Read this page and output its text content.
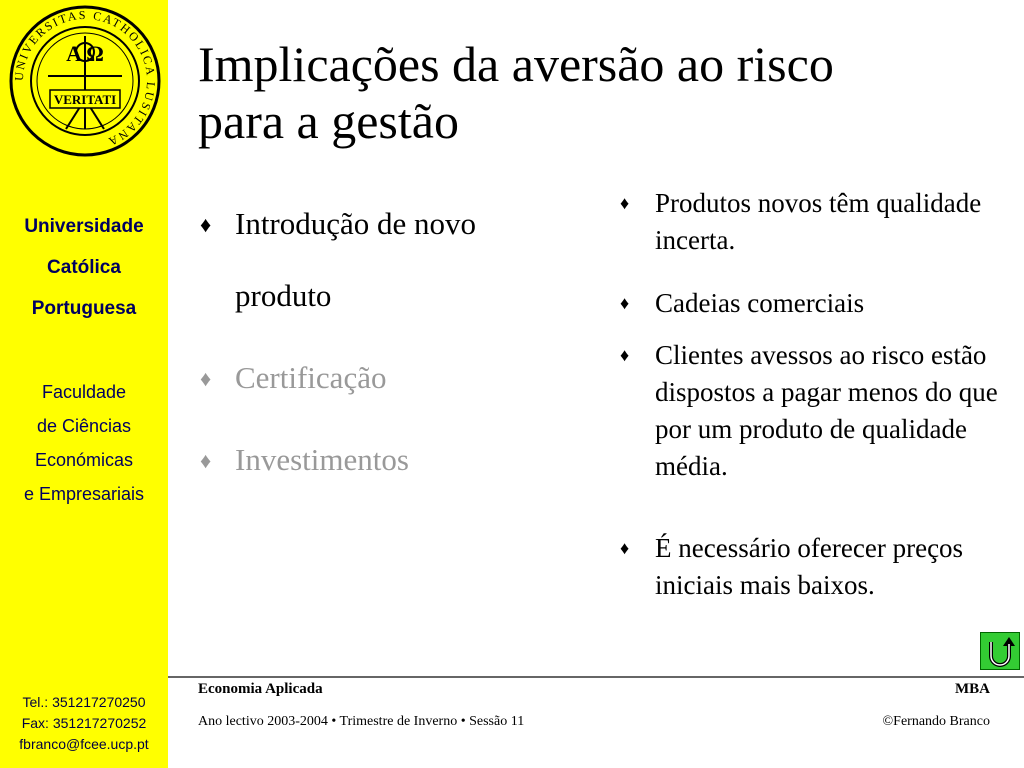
UNIVERSITAS CATHOLICA LUSITANA
A Ω
VERITATI
Universidade
Católica
Portuguesa
Faculdade
de Ciências
Económicas
e Empresariais
Tel.: 351217270250
Fax: 351217270252
fbranco@fcee.ucp.pt
Implicações da aversão ao risco
para a gestão
♦ Introdução de novo
produto
♦ Certificação
♦ Investimentos
♦ Produtos novos têm qualidade incerta.
♦ Cadeias comerciais
♦ Clientes avessos ao risco estão dispostos a pagar menos do que por um produto de qualidade média.
♦ É necessário oferecer preços iniciais mais baixos.
Economia Aplicada	MBA
Ano lectivo 2003-2004 • Trimestre de Inverno • Sessão 11	©Fernando Branco
